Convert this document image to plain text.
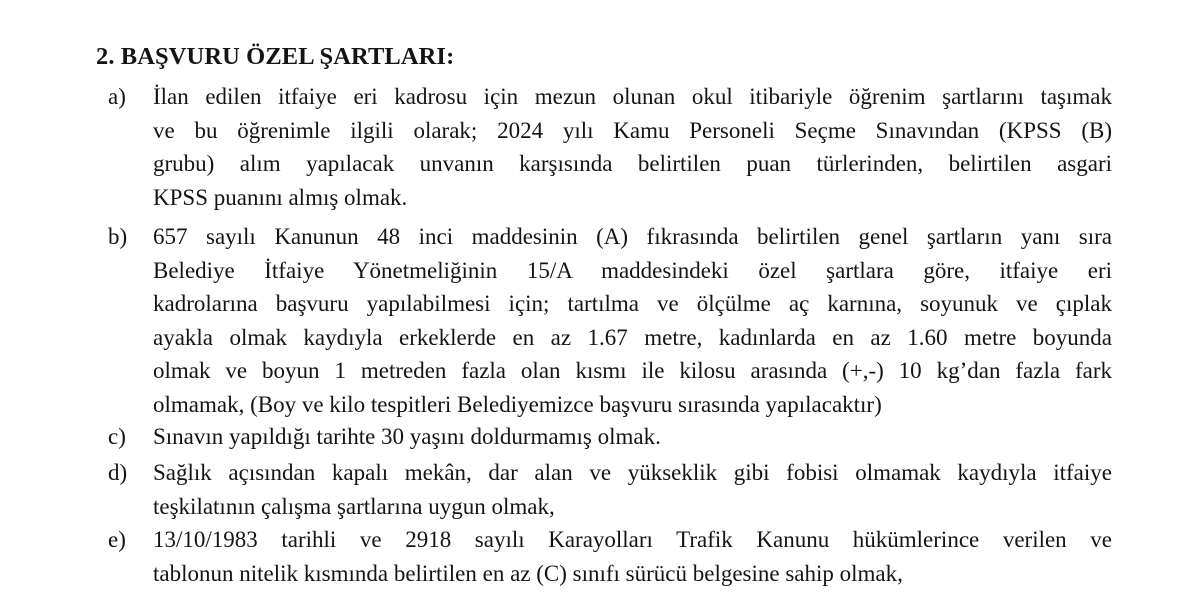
2. BAŞVURU ÖZEL ŞARTLARI:
a) İlan edilen itfaiye eri kadrosu için mezun olunan okul itibariyle öğrenim şartlarını taşımak
ve bu öğrenimle ilgili olarak; 2024 yılı Kamu Personeli Seçme Sınavından (KPSS (B)
grubu) alım yapılacak unvanın karşısında belirtilen puan türlerinden, belirtilen asgari
KPSS puanını almış olmak.
b) 657 sayılı Kanunun 48 inci maddesinin (A) fıkrasında belirtilen genel şartların yanı sıra
Belediye İtfaiye Yönetmeliğinin 15/A maddesindeki özel şartlara göre, itfaiye eri
kadrolarına başvuru yapılabilmesi için; tartılma ve ölçülme aç karnına, soyunuk ve çıplak
ayakla olmak kaydıyla erkeklerde en az 1.67 metre, kadınlarda en az 1.60 metre boyunda
olmak ve boyun 1 metreden fazla olan kısmı ile kilosu arasında (+,-) 10 kg’dan fazla fark
olmamak, (Boy ve kilo tespitleri Belediyemizce başvuru sırasında yapılacaktır)
c) Sınavın yapıldığı tarihte 30 yaşını doldurmamış olmak.
d) Sağlık açısından kapalı mekân, dar alan ve yükseklik gibi fobisi olmamak kaydıyla itfaiye
teşkilatının çalışma şartlarına uygun olmak,
e) 13/10/1983 tarihli ve 2918 sayılı Karayolları Trafik Kanunu hükümlerince verilen ve
tablonun nitelik kısmında belirtilen en az (C) sınıfı sürücü belgesine sahip olmak,
